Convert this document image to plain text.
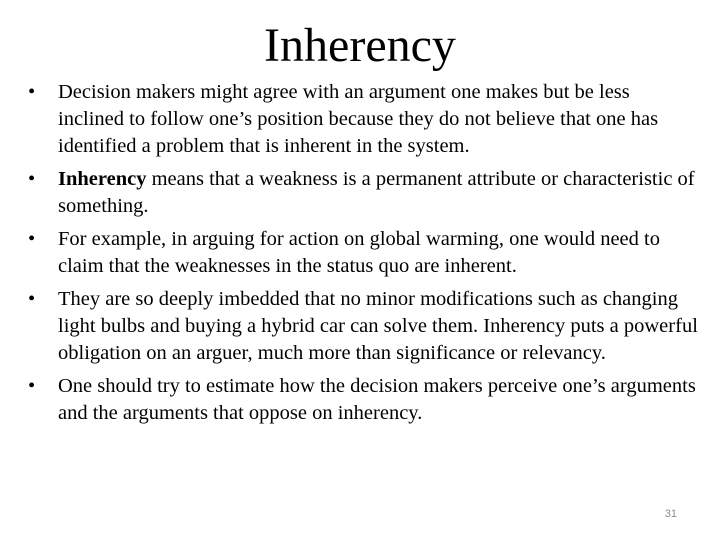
Inherency
•	Decision makers might agree with an argument one makes but be less inclined to follow one’s position because they do not believe that one has identified a problem that is inherent in the system.
•	Inherency means that a weakness is a permanent attribute or characteristic of something.
•	For example, in arguing for action on global warming, one would need to claim that the weaknesses in the status quo are inherent.
•	They are so deeply imbedded that no minor modifications such as changing light bulbs and buying a hybrid car can solve them. Inherency puts a powerful obligation on an arguer, much more than significance or relevancy.
•	One should try to estimate how the decision makers perceive one’s arguments and the arguments that oppose on inherency.
31
